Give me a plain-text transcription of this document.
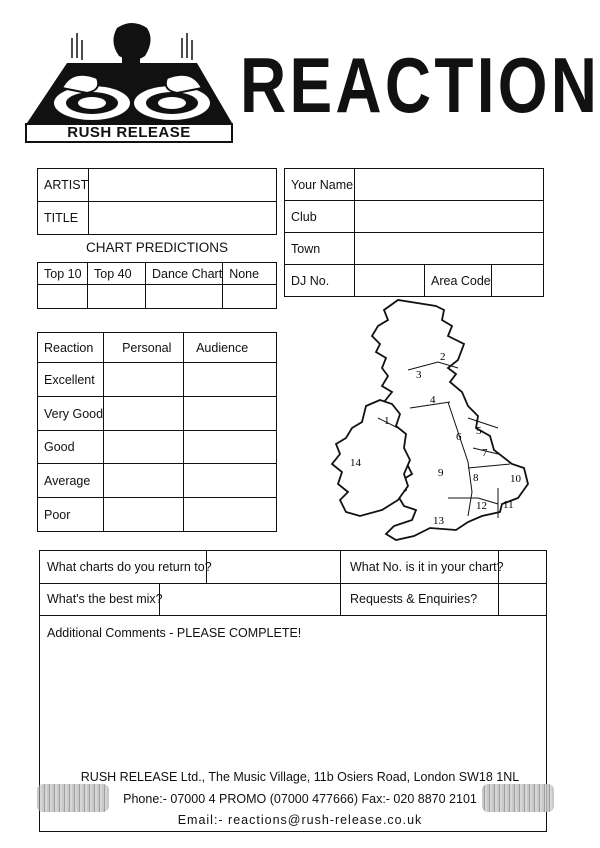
RUSH RELEASE
REACTION
ARTIST	
TITLE	
CHART PREDICTIONS
Top 10	Top 40	Dance Chart	None

Your Name			
Club			
Town			
DJ No.		Area Code	
Reaction	Personal	Audience
Excellent		
Very Good		
Good		
Average		
Poor		
2
3
4
1
5
6
7
8
9	10
11
12
13
14
What charts do you return to?	What No. is it in your chart?
What's the best mix?	Requests & Enquiries?
Additional Comments - PLEASE COMPLETE!
RUSH RELEASE Ltd., The Music Village, 11b Osiers Road, London SW18 1NL
Phone:- 07000 4 PROMO (07000 477666) Fax:- 020 8870 2101
Email:- reactions@rush-release.co.uk
